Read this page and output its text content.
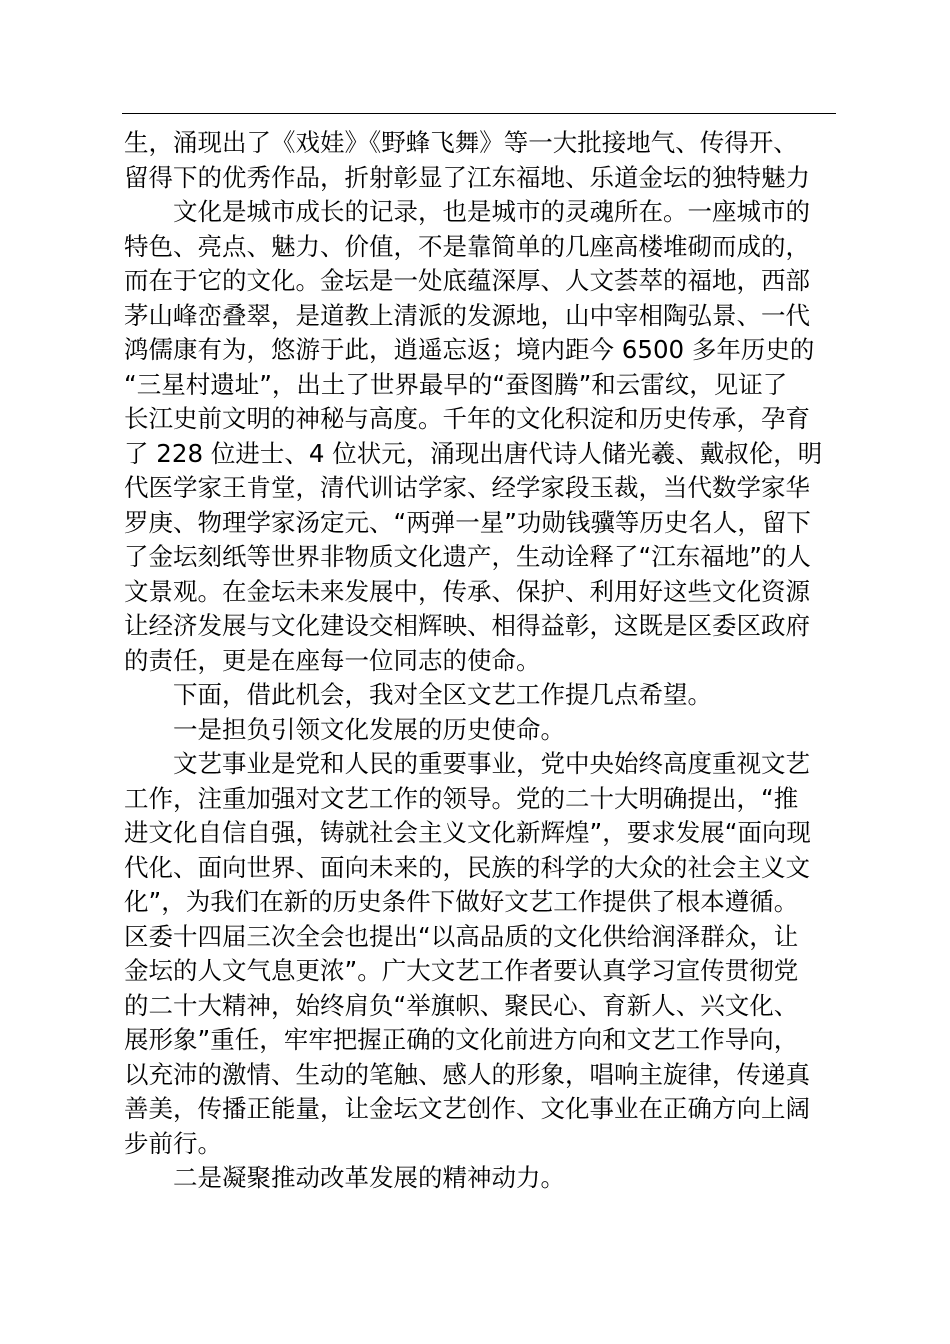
生，涌现出了《戏娃》《野蜂飞舞》等一大批接地气、传得开、
留得下的优秀作品，折射彰显了江东福地、乐道金坛的独特魅力
文化是城市成长的记录，也是城市的灵魂所在。一座城市的
特色、亮点、魅力、价值，不是靠简单的几座高楼堆砌而成的，
而在于它的文化。金坛是一处底蕴深厚、人文荟萃的福地，西部
茅山峰峦叠翠，是道教上清派的发源地，山中宰相陶弘景、一代
鸿儒康有为，悠游于此，逍遥忘返；境内距今 6500 多年历史的
“三星村遗址”，出土了世界最早的“蚕图腾”和云雷纹，见证了
长江史前文明的神秘与高度。千年的文化积淀和历史传承，孕育
了 228 位进士、4 位状元，涌现出唐代诗人储光羲、戴叔伦，明
代医学家王肯堂，清代训诂学家、经学家段玉裁，当代数学家华
罗庚、物理学家汤定元、“两弹一星”功勋钱骥等历史名人，留下
了金坛刻纸等世界非物质文化遗产，生动诠释了“江东福地”的人
文景观。在金坛未来发展中，传承、保护、利用好这些文化资源
让经济发展与文化建设交相辉映、相得益彰，这既是区委区政府
的责任，更是在座每一位同志的使命。
下面，借此机会，我对全区文艺工作提几点希望。
一是担负引领文化发展的历史使命。
文艺事业是党和人民的重要事业，党中央始终高度重视文艺
工作，注重加强对文艺工作的领导。党的二十大明确提出，“推
进文化自信自强，铸就社会主义文化新辉煌”，要求发展“面向现
代化、面向世界、面向未来的，民族的科学的大众的社会主义文
化”，为我们在新的历史条件下做好文艺工作提供了根本遵循。
区委十四届三次全会也提出“以高品质的文化供给润泽群众，让
金坛的人文气息更浓”。广大文艺工作者要认真学习宣传贯彻党
的二十大精神，始终肩负“举旗帜、聚民心、育新人、兴文化、
展形象”重任，牢牢把握正确的文化前进方向和文艺工作导向，
以充沛的激情、生动的笔触、感人的形象，唱响主旋律，传递真
善美，传播正能量，让金坛文艺创作、文化事业在正确方向上阔
步前行。
二是凝聚推动改革发展的精神动力。
